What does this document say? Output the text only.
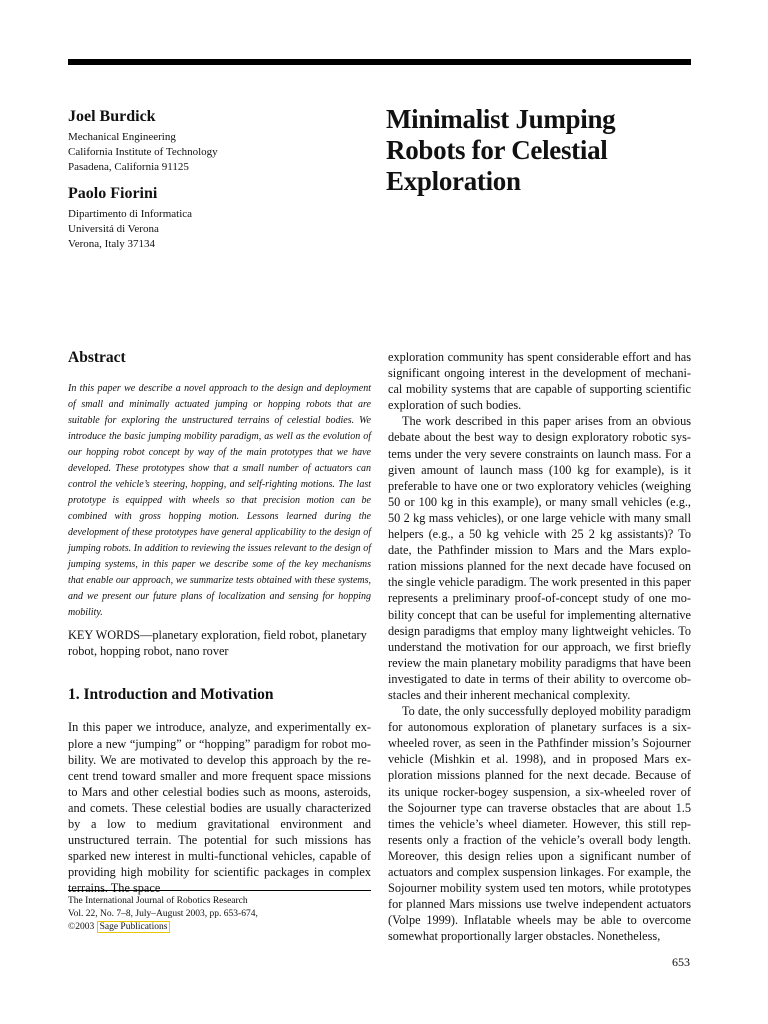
Joel Burdick
Mechanical Engineering
California Institute of Technology
Pasadena, California 91125
Paolo Fiorini
Dipartimento di Informatica
Universitá di Verona
Verona, Italy 37134
Minimalist Jumping
Robots for Celestial
Exploration
Abstract

In this paper we describe a novel approach to the design and deployment of small and minimally actuated jumping or hopping robots that are suitable for exploring the unstructured terrains of celestial bodies. We introduce the basic jumping mobility paradigm, as well as the evolution of our hopping robot concept by way of the main prototypes that we have developed. These prototypes show that a small number of actuators can control the vehicle’s steering, hopping, and self-righting motions. The last prototype is equipped with wheels so that precision motion can be combined with gross hopping motion. Lessons learned during the development of these prototypes have general applicability to the design of jumping robots. In addition to reviewing the issues relevant to the design of jumping systems, in this paper we describe some of the key mechanisms that enable our approach, we summarize tests obtained with these systems, and we present our future plans of localization and sensing for hopping mobility.

KEY WORDS—planetary exploration, field robot, planetary robot, hopping robot, nano rover

1. Introduction and Motivation

In this paper we introduce, analyze, and experimentally explore a new “jumping” or “hopping” paradigm for robot mobility. We are motivated to develop this approach by the recent trend toward smaller and more frequent space missions to Mars and other celestial bodies such as moons, asteroids, and comets. These celestial bodies are usually characterized by a low to medium gravitational environment and unstructured terrain. The potential for such missions has sparked new interest in multi-functional vehicles, capable of providing high mobility for scientific packages in complex terrains. The space

exploration community has spent considerable effort and has significant ongoing interest in the development of mechanical mobility systems that are capable of supporting scientific exploration of such bodies.

The work described in this paper arises from an obvious debate about the best way to design exploratory robotic systems under the very severe constraints on launch mass. For a given amount of launch mass (100 kg for example), is it preferable to have one or two exploratory vehicles (weighing 50 or 100 kg in this example), or many small vehicles (e.g., 50 2 kg mass vehicles), or one large vehicle with many small helpers (e.g., a 50 kg vehicle with 25 2 kg assistants)? To date, the Pathfinder mission to Mars and the Mars exploration missions planned for the next decade have focused on the single vehicle paradigm. The work presented in this paper represents a preliminary proof-of-concept study of one mobility concept that can be useful for implementing alternative design paradigms that employ many lightweight vehicles. To understand the motivation for our approach, we first briefly review the main planetary mobility paradigms that have been investigated to date in terms of their ability to overcome obstacles and their inherent mechanical complexity.

To date, the only successfully deployed mobility paradigm for autonomous exploration of planetary surfaces is a six-wheeled rover, as seen in the Pathfinder mission’s Sojourner vehicle (Mishkin et al. 1998), and in proposed Mars exploration missions planned for the next decade. Because of its unique rocker-bogey suspension, a six-wheeled rover of the Sojourner type can traverse obstacles that are about 1.5 times the vehicle’s wheel diameter. However, this still represents only a fraction of the vehicle’s overall body length. Moreover, this design relies upon a significant number of actuators and complex suspension linkages. For example, the Sojourner mobility system used ten motors, while prototypes for planned Mars missions use twelve independent actuators (Volpe 1999). Inflatable wheels may be able to overcome somewhat proportionally larger obstacles. Nonetheless,

The International Journal of Robotics Research
Vol. 22, No. 7–8, July–August 2003, pp. 653-674,
©2003 Sage Publications
653
